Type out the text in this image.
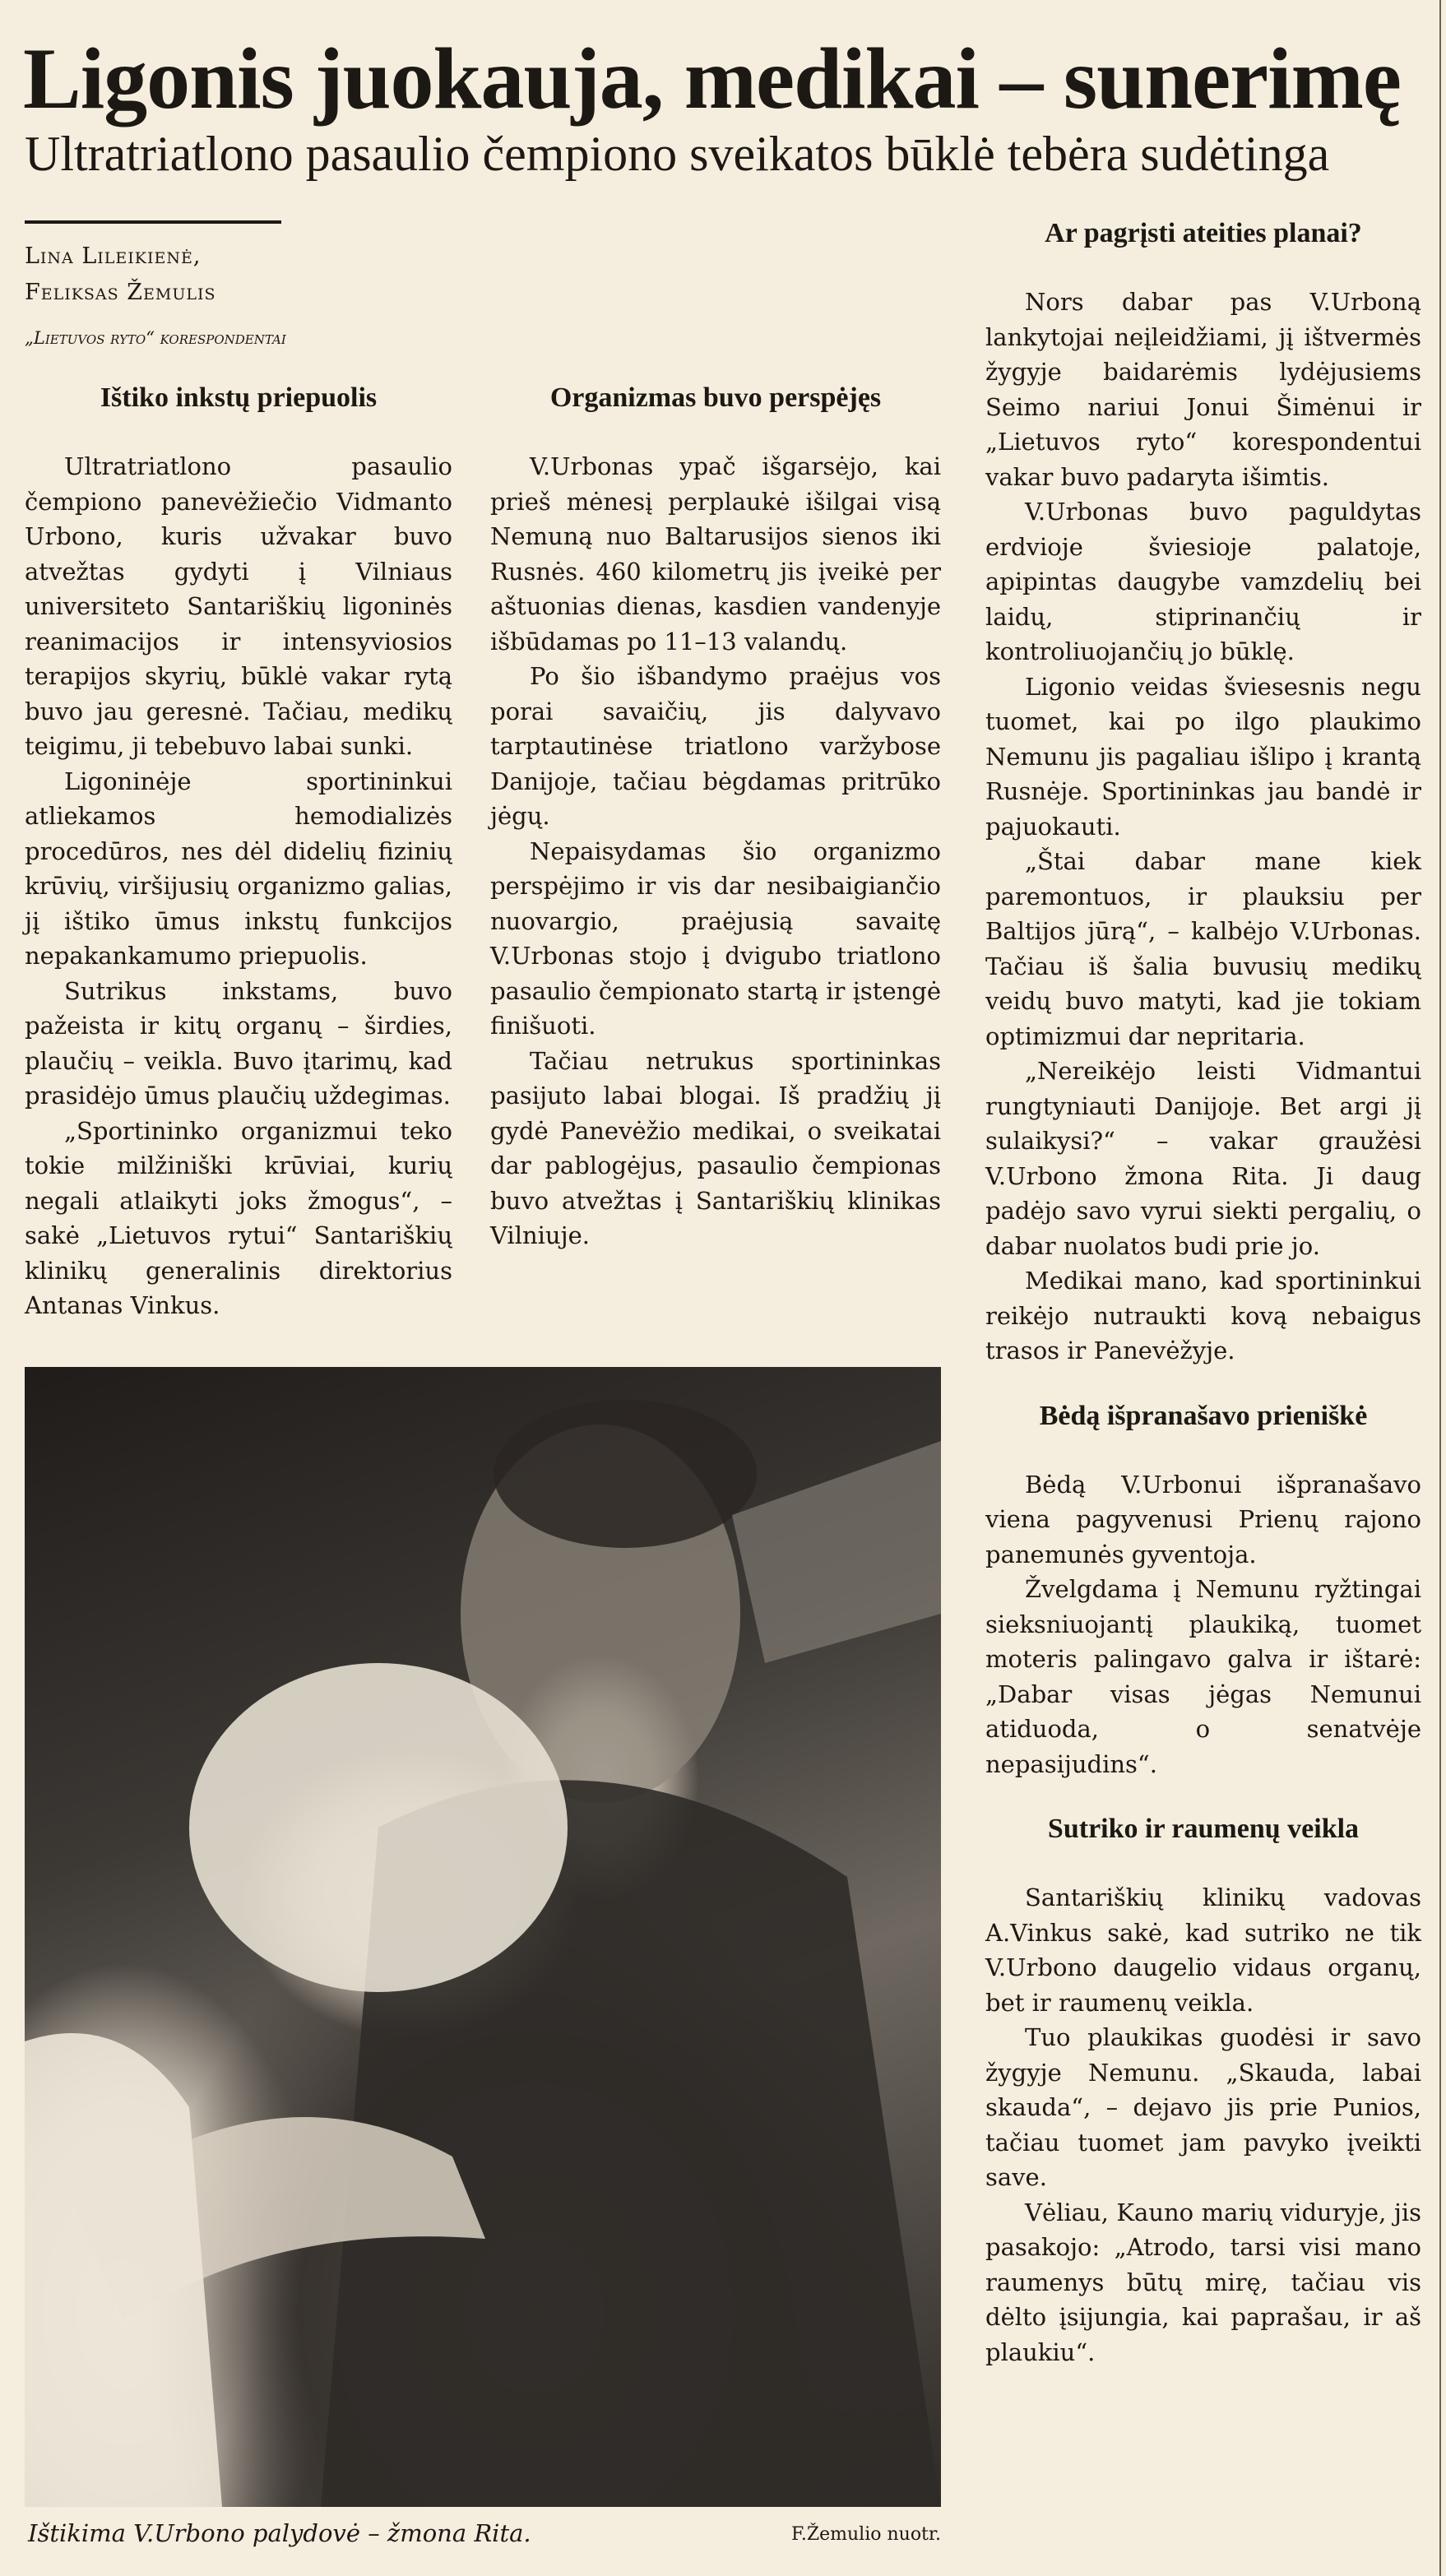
Ligonis juokauja, medikai – sunerimę
Ultratriatlono pasaulio čempiono sveikatos būklė tebėra sudėtinga

Lina Lileikienė,

Feliksas Žemulis

„Lietuvos ryto“ korespondentai

Ištiko inkstų priepuolis

Ultratriatlono pasaulio čempiono panevėžiečio Vidmanto Urbono, kuris užvakar buvo atvežtas gydyti į Vilniaus universiteto Santariškių ligoninės reanimacijos ir intensyviosios terapijos skyrių, būklė vakar rytą buvo jau geresnė. Tačiau, medikų teigimu, ji tebebuvo labai sunki.

Ligoninėje sportininkui atliekamos hemodializės procedūros, nes dėl didelių fizinių krūvių, viršijusių organizmo galias, jį ištiko ūmus inkstų funkcijos nepakankamumo priepuolis.

Sutrikus inkstams, buvo pažeista ir kitų organų – širdies, plaučių – veikla. Buvo įtarimų, kad prasidėjo ūmus plaučių uždegimas.

„Sportininko organizmui teko tokie milžiniški krūviai, kurių negali atlaikyti joks žmogus“, – sakė „Lietuvos rytui“ Santariškių klinikų generalinis direktorius Antanas Vinkus.

Organizmas buvo perspėjęs

V.Urbonas ypač išgarsėjo, kai prieš mėnesį perplaukė išilgai visą Nemuną nuo Baltarusijos sienos iki Rusnės. 460 kilometrų jis įveikė per aštuonias dienas, kasdien vandenyje išbūdamas po 11–13 valandų.

Po šio išbandymo praėjus vos porai savaičių, jis dalyvavo tarptautinėse triatlono varžybose Danijoje, tačiau bėgdamas pritrūko jėgų.

Nepaisydamas šio organizmo perspėjimo ir vis dar nesibaigiančio nuovargio, praėjusią savaitę V.Urbonas stojo į dvigubo triatlono pasaulio čempionato startą ir įstengė finišuoti.

Tačiau netrukus sportininkas pasijuto labai blogai. Iš pradžių jį gydė Panevėžio medikai, o sveikatai dar pablogėjus, pasaulio čempionas buvo atvežtas į Santariškių klinikas Vilniuje.

Ar pagrįsti ateities planai?

Nors dabar pas V.Urboną lankytojai neįleidžiami, jį ištvermės žygyje baidarėmis lydėjusiems Seimo nariui Jonui Šimėnui ir „Lietuvos ryto“ korespondentui vakar buvo padaryta išimtis.

V.Urbonas buvo paguldytas erdvioje šviesioje palatoje, apipintas daugybe vamzdelių bei laidų, stiprinančių ir kontroliuojančių jo būklę.

Ligonio veidas šviesesnis negu tuomet, kai po ilgo plaukimo Nemunu jis pagaliau išlipo į krantą Rusnėje. Sportininkas jau bandė ir pajuokauti.

„Štai dabar mane kiek paremontuos, ir plauksiu per Baltijos jūrą“, – kalbėjo V.Urbonas. Tačiau iš šalia buvusių medikų veidų buvo matyti, kad jie tokiam optimizmui dar nepritaria.

„Nereikėjo leisti Vidmantui rungtyniauti Danijoje. Bet argi jį sulaikysi?“ – vakar graužėsi V.Urbono žmona Rita. Ji daug padėjo savo vyrui siekti pergalių, o dabar nuolatos budi prie jo.

Medikai mano, kad sportininkui reikėjo nutraukti kovą nebaigus trasos ir Panevėžyje.

Bėdą išpranašavo prieniškė

Bėdą V.Urbonui išpranašavo viena pagyvenusi Prienų rajono panemunės gyventoja.

Žvelgdama į Nemunu ryžtingai sieksniuojantį plaukiką, tuomet moteris palingavo galva ir ištarė: „Dabar visas jėgas Nemunui atiduoda, o senatvėje nepasijudins“.

Sutriko ir raumenų veikla

Santariškių klinikų vadovas A.Vinkus sakė, kad sutriko ne tik V.Urbono daugelio vidaus organų, bet ir raumenų veikla.

Tuo plaukikas guodėsi ir savo žygyje Nemunu. „Skauda, labai skauda“, – dejavo jis prie Punios, tačiau tuomet jam pavyko įveikti save.

Vėliau, Kauno marių viduryje, jis pasakojo: „Atrodo, tarsi visi mano raumenys būtų mirę, tačiau vis dėlto įsijungia, kai paprašau, ir aš plaukiu“.

Ištikima V.Urbono palydovė – žmona Rita.	F.Žemulio nuotr.
